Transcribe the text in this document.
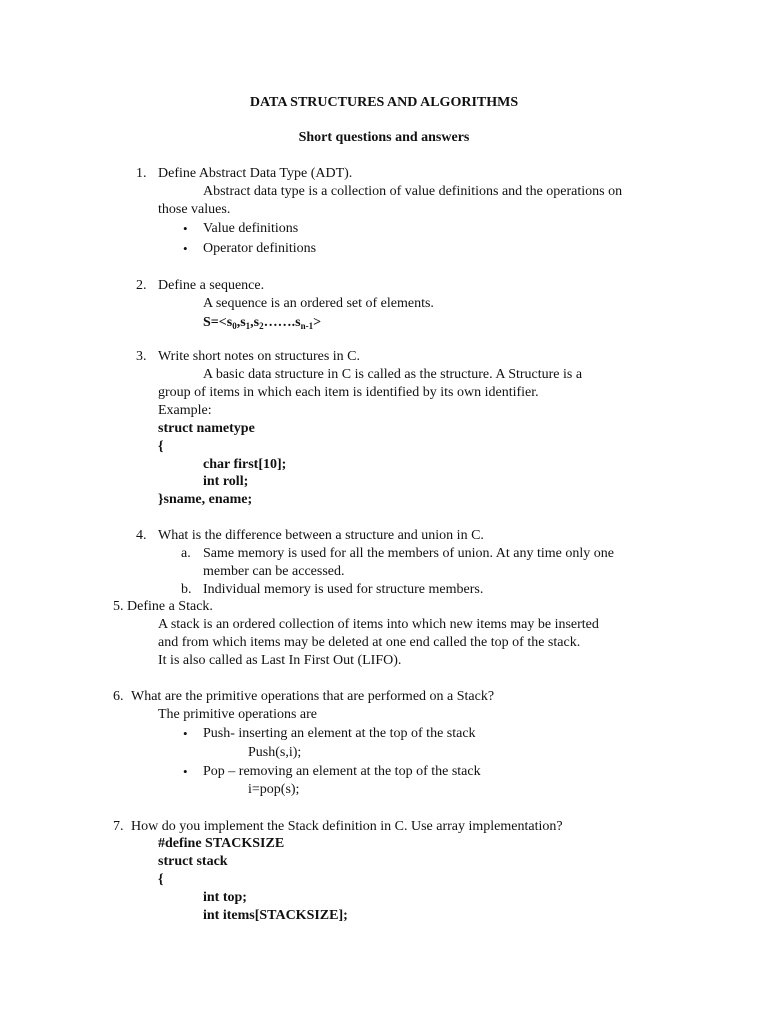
DATA STRUCTURES AND ALGORITHMS
Short questions and answers
1. Define Abstract Data Type (ADT).
Abstract data type is a collection of value definitions and the operations on
those values.
• Value definitions
• Operator definitions
2. Define a sequence.
A sequence is an ordered set of elements.
$S=<s_0,s_1,s_2\dots\dots.s_{n-1}>$
3. Write short notes on structures in C.
A basic data structure in C is called as the structure. A Structure is a
group of items in which each item is identified by its own identifier.
Example:
struct nametype
{
char first[10];
int roll;
}sname, ename;
4. What is the difference between a structure and union in C.
a. Same memory is used for all the members of union. At any time only one
member can be accessed.
b. Individual memory is used for structure members.
5. Define a Stack.
A stack is an ordered collection of items into which new items may be inserted
and from which items may be deleted at one end called the top of the stack.
It is also called as Last In First Out (LIFO).
6. What are the primitive operations that are performed on a Stack?
The primitive operations are
• Push- inserting an element at the top of the stack
Push(s,i);
• Pop – removing an element at the top of the stack
i=pop(s);
7. How do you implement the Stack definition in C. Use array implementation?
#define STACKSIZE
struct stack
{
int top;
int items[STACKSIZE];
